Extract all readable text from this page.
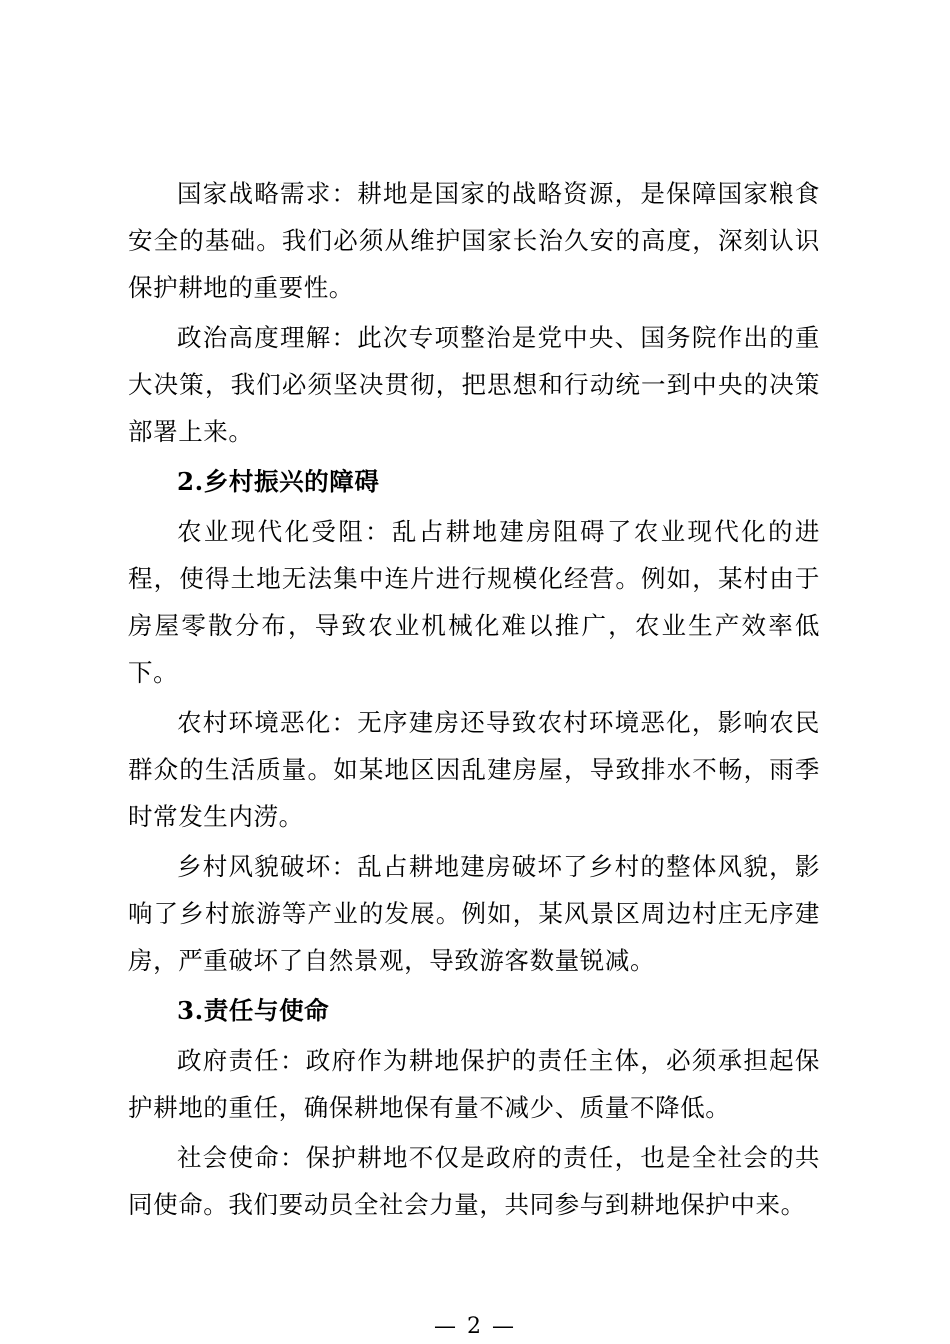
国家战略需求：耕地是国家的战略资源，是保障国家粮食安全的基础。我们必须从维护国家长治久安的高度，深刻认识保护耕地的重要性。

政治高度理解：此次专项整治是党中央、国务院作出的重大决策，我们必须坚决贯彻，把思想和行动统一到中央的决策部署上来。

2.乡村振兴的障碍

农业现代化受阻：乱占耕地建房阻碍了农业现代化的进程，使得土地无法集中连片进行规模化经营。例如，某村由于房屋零散分布，导致农业机械化难以推广，农业生产效率低下。

农村环境恶化：无序建房还导致农村环境恶化，影响农民群众的生活质量。如某地区因乱建房屋，导致排水不畅，雨季时常发生内涝。

乡村风貌破坏：乱占耕地建房破坏了乡村的整体风貌，影响了乡村旅游等产业的发展。例如，某风景区周边村庄无序建房，严重破坏了自然景观，导致游客数量锐减。

3.责任与使命

政府责任：政府作为耕地保护的责任主体，必须承担起保护耕地的重任，确保耕地保有量不减少、质量不降低。

社会使命：保护耕地不仅是政府的责任，也是全社会的共同使命。我们要动员全社会力量，共同参与到耕地保护中来。

— 2 —
